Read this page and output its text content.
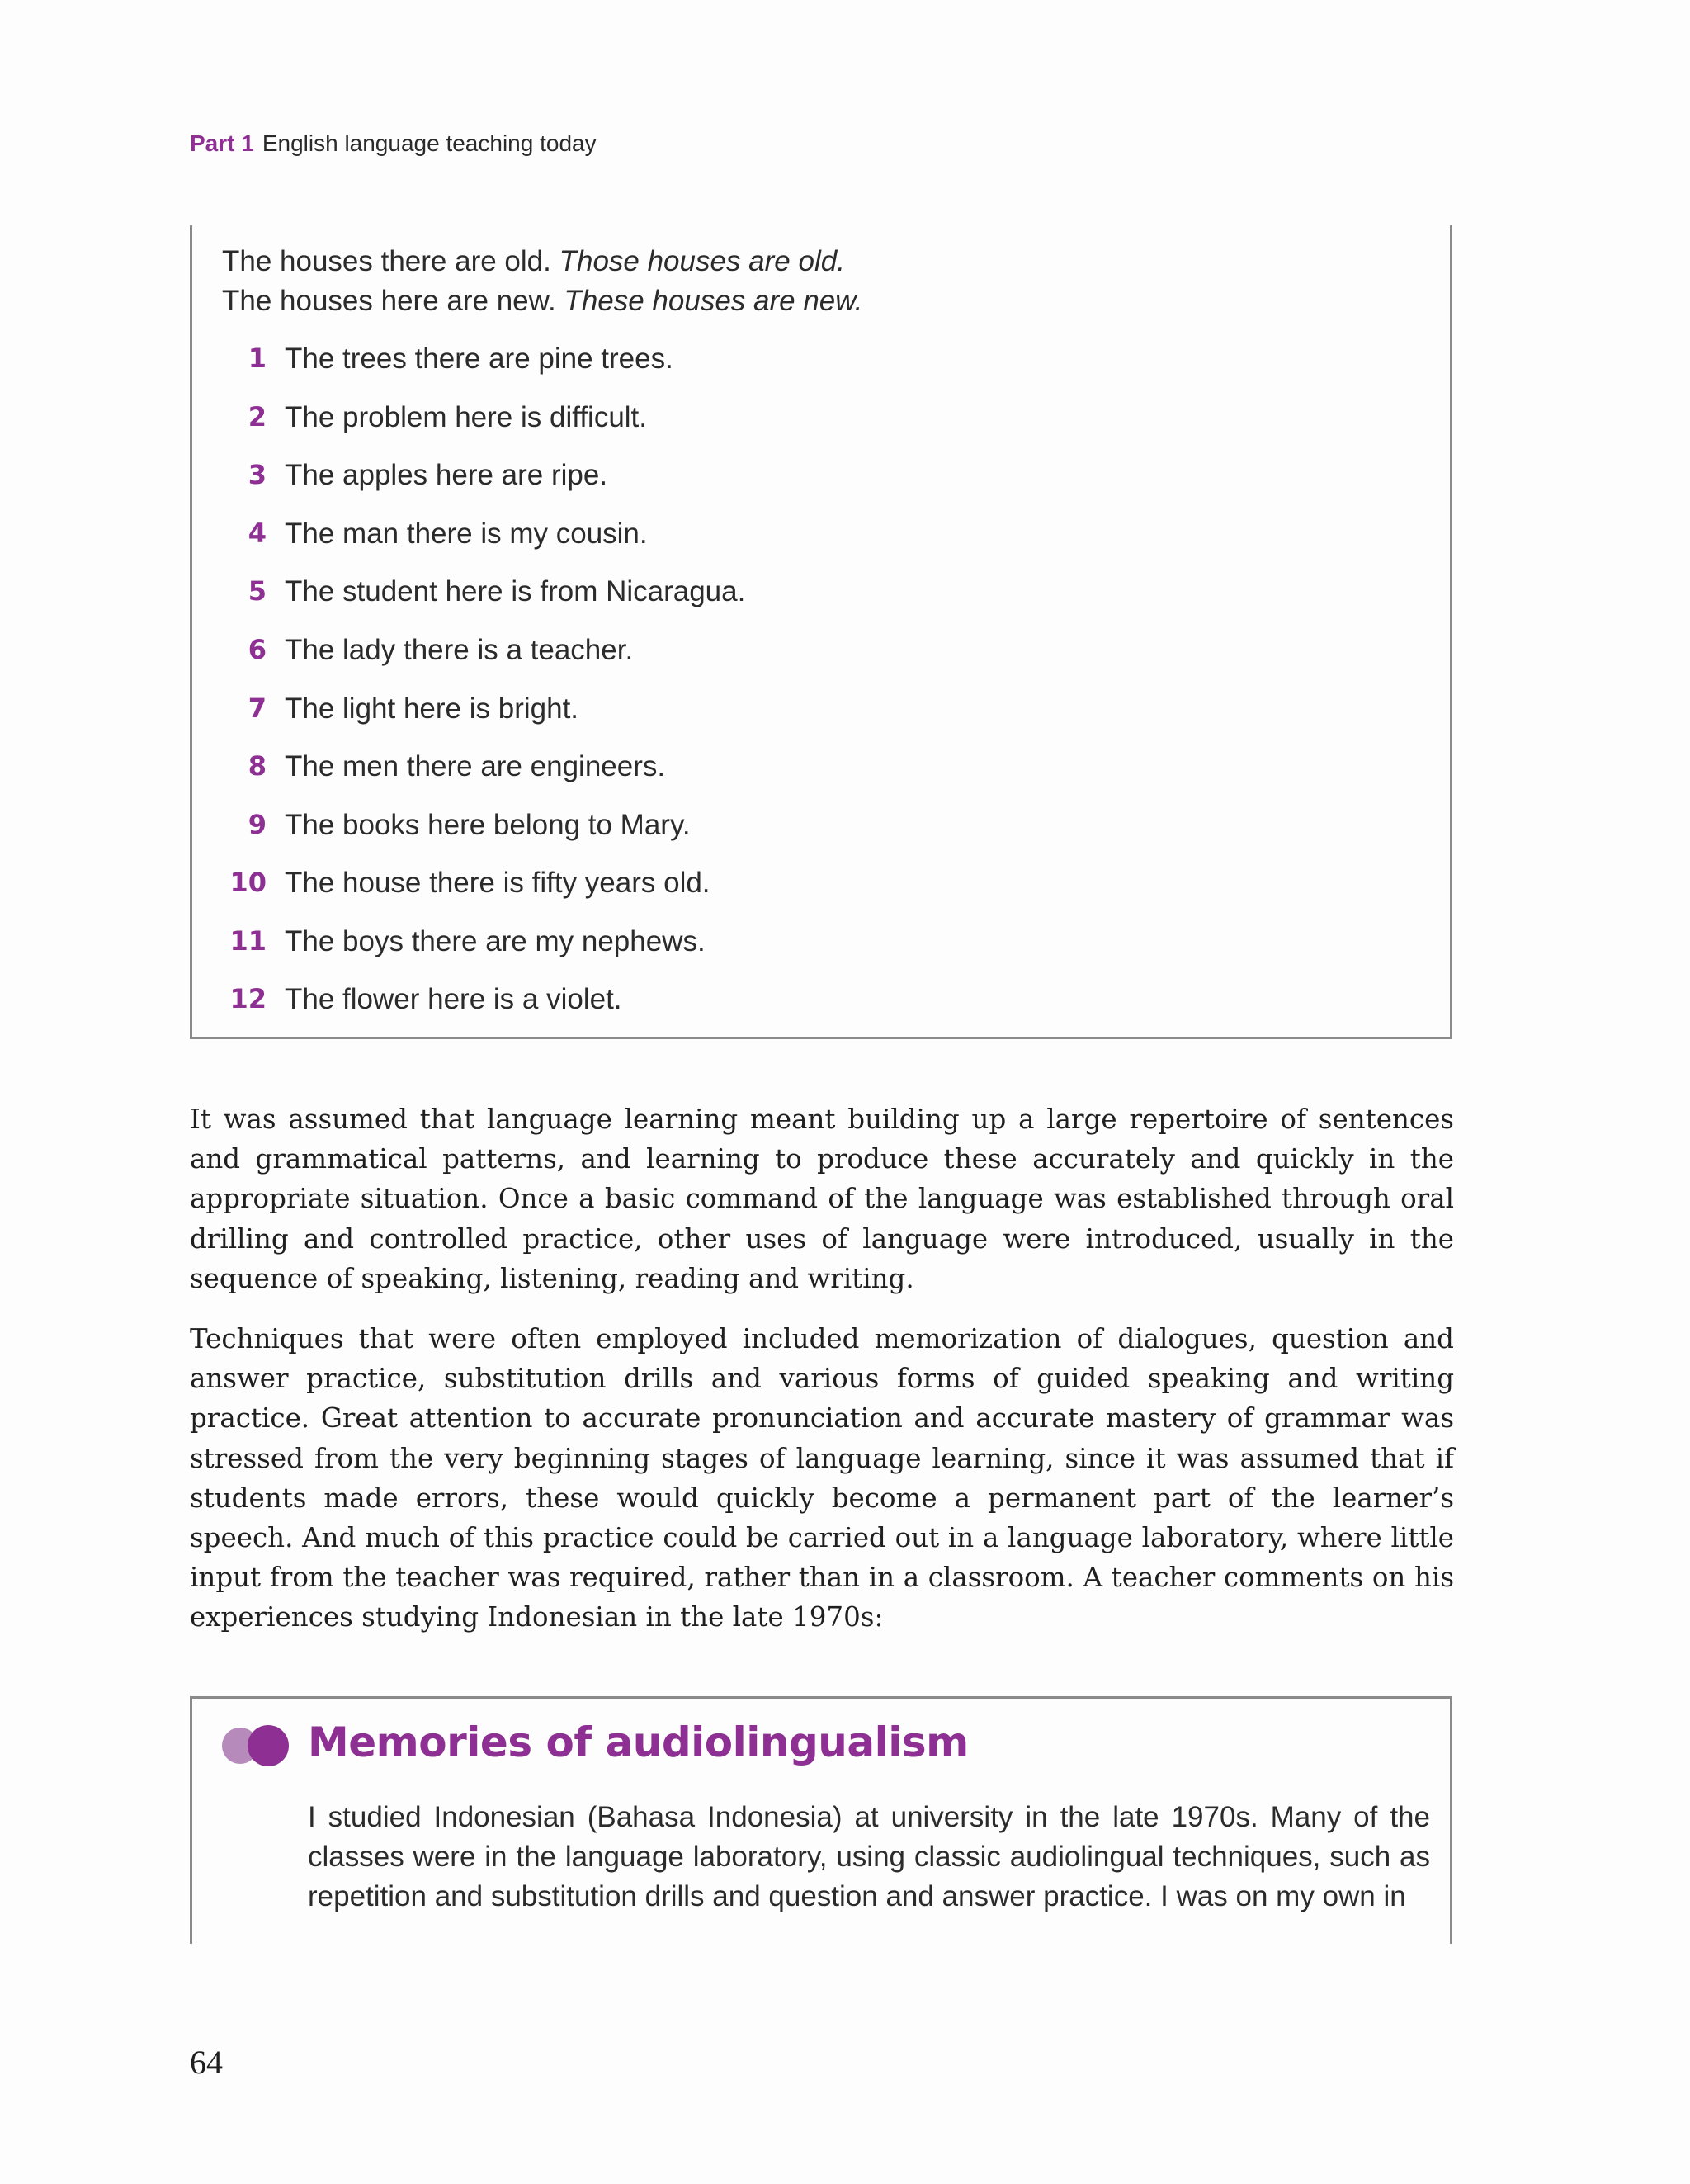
Part 1 English language teaching today
The houses there are old. Those houses are old.
The houses here are new. These houses are new.
1 The trees there are pine trees.
2 The problem here is difficult.
3 The apples here are ripe.
4 The man there is my cousin.
5 The student here is from Nicaragua.
6 The lady there is a teacher.
7 The light here is bright.
8 The men there are engineers.
9 The books here belong to Mary.
10 The house there is fifty years old.
11 The boys there are my nephews.
12 The flower here is a violet.

It was assumed that language learning meant building up a large repertoire of sentences and grammatical patterns, and learning to produce these accurately and quickly in the appropriate situation. Once a basic command of the language was established through oral drilling and controlled practice, other uses of language were introduced, usually in the sequence of speaking, listening, reading and writing.

Techniques that were often employed included memorization of dialogues, question and answer practice, substitution drills and various forms of guided speaking and writing practice. Great attention to accurate pronunciation and accurate mastery of grammar was stressed from the very beginning stages of language learning, since it was assumed that if students made errors, these would quickly become a permanent part of the learner’s speech. And much of this practice could be carried out in a language laboratory, where little input from the teacher was required, rather than in a classroom. A teacher comments on his experiences studying Indonesian in the late 1970s:

Memories of audiolingualism

I studied Indonesian (Bahasa Indonesia) at university in the late 1970s. Many of the classes were in the language laboratory, using classic audiolingual techniques, such as repetition and substitution drills and question and answer practice. I was on my own in

64
